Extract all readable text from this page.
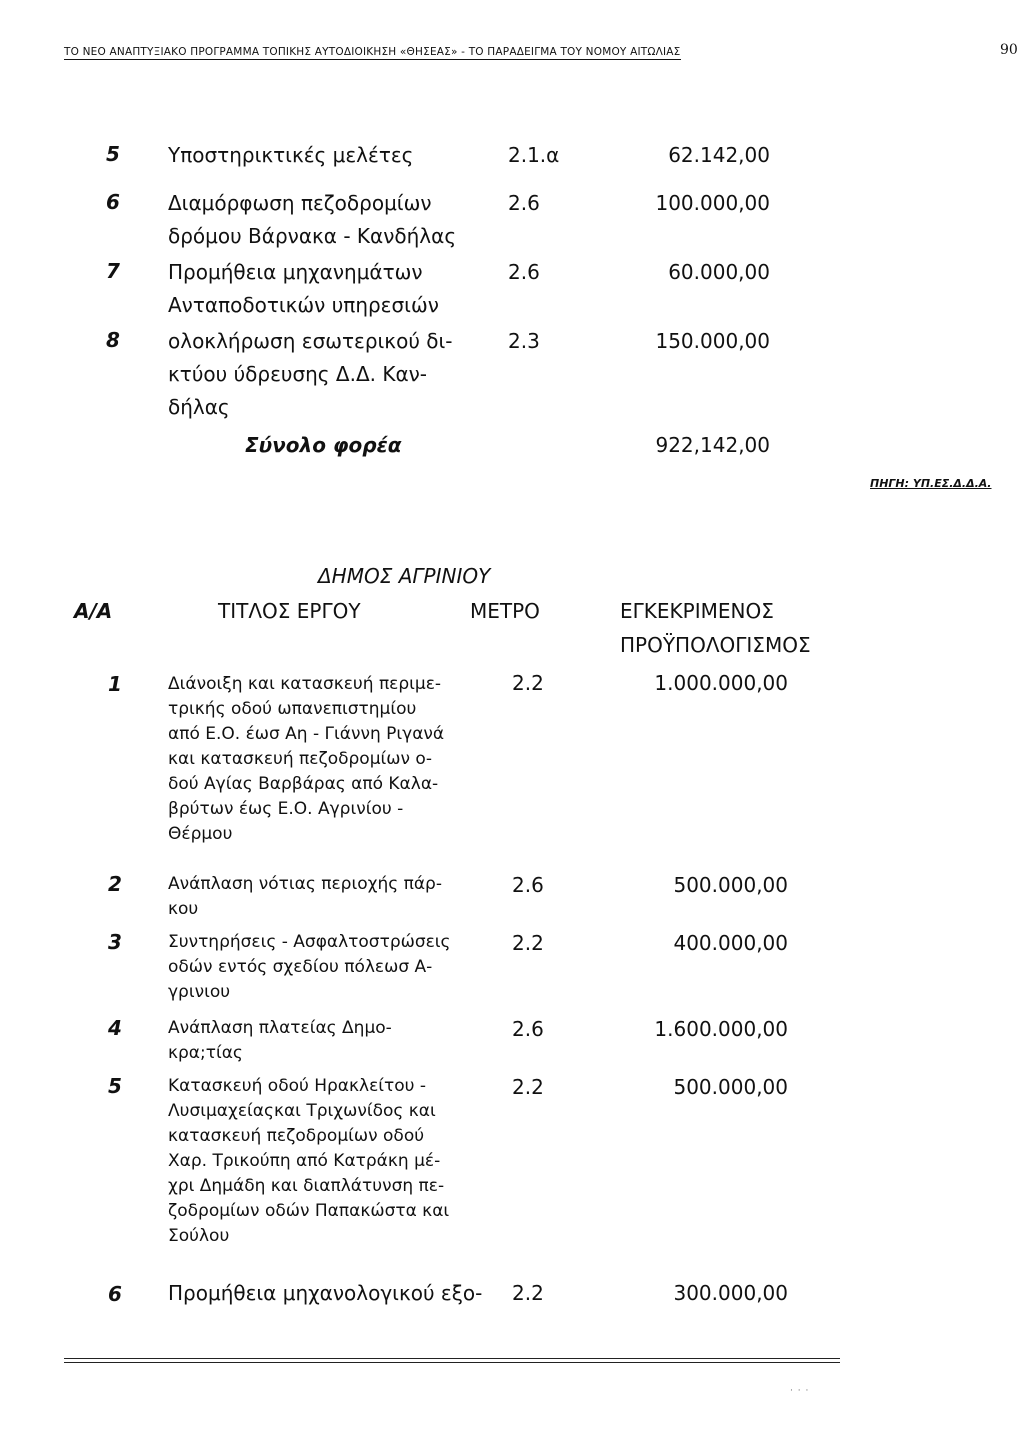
ΤΟ ΝΕΟ ΑΝΑΠΤΥΞΙΑΚΟ ΠΡΟΓΡΑΜΜΑ ΤΟΠΙΚΗΣ ΑΥΤΟΔΙΟΙΚΗΣΗ «ΘΗΣΕΑΣ» - ΤΟ ΠΑΡΑΔΕΙΓΜΑ ΤΟΥ ΝΟΜΟΥ ΑΙΤΩΛΙΑΣ	90
5 Υποστηρικτικές μελέτες	2.1.α	62.142,00
6 Διαμόρφωση πεζοδρομίων
δρόμου Βάρνακα - Κανδήλας
2.6	100.000,00
7 Προμήθεια μηχανημάτων
Ανταποδοτικών υπηρεσιών
2.6	60.000,00
8 ολοκλήρωση εσωτερικού δι-
κτύου ύδρευσης Δ.Δ. Καν-
δήλας
2.3	150.000,00
Σύνολο φορέα	922,142,00
ΠΗΓΗ: ΥΠ.ΕΣ.Δ.Δ.Α.
ΔΗΜΟΣ ΑΓΡΙΝΙΟΥ
Α/Α	ΤΙΤΛΟΣ ΕΡΓΟΥ	ΜΕΤΡΟ	ΕΓΚΕΚΡΙΜΕΝΟΣ
ΠΡΟΫΠΟΛΟΓΙΣΜΟΣ
1	Διάνοιξη και κατασκευή περιμε-
τρικής οδού ωπανεπιστημίου
από Ε.Ο. έωσ Αη - Γιάννη Ριγανά
και κατασκευή πεζοδρομίων ο-
δού Αγίας Βαρβάρας από Καλα-
βρύτων έως Ε.Ο. Αγρινίου -
Θέρμου
2.2	1.000.000,00
2	Ανάπλαση νότιας περιοχής πάρ-
κου
2.6	500.000,00
3	Συντηρήσεις - Ασφαλτοστρώσεις
οδών εντός σχεδίου πόλεωσ Α-
γρινιου
2.2	400.000,00
4	Ανάπλαση πλατείας Δημο-
κρα;τίας
2.6	1.600.000,00
5	Κατασκευή οδού Ηρακλείτου -
Λυσιμαχείαςκαι Τριχωνίδος και
κατασκευή πεζοδρομίων οδού
Χαρ. Τρικούπη από Κατράκη μέ-
χρι Δημάδη και διαπλάτυνση πε-
ζοδρομίων οδών Παπακώστα και
Σούλου
2.2	500.000,00
6 Προμήθεια μηχανολογικού εξο- 2.2	300.000,00
· · ·
